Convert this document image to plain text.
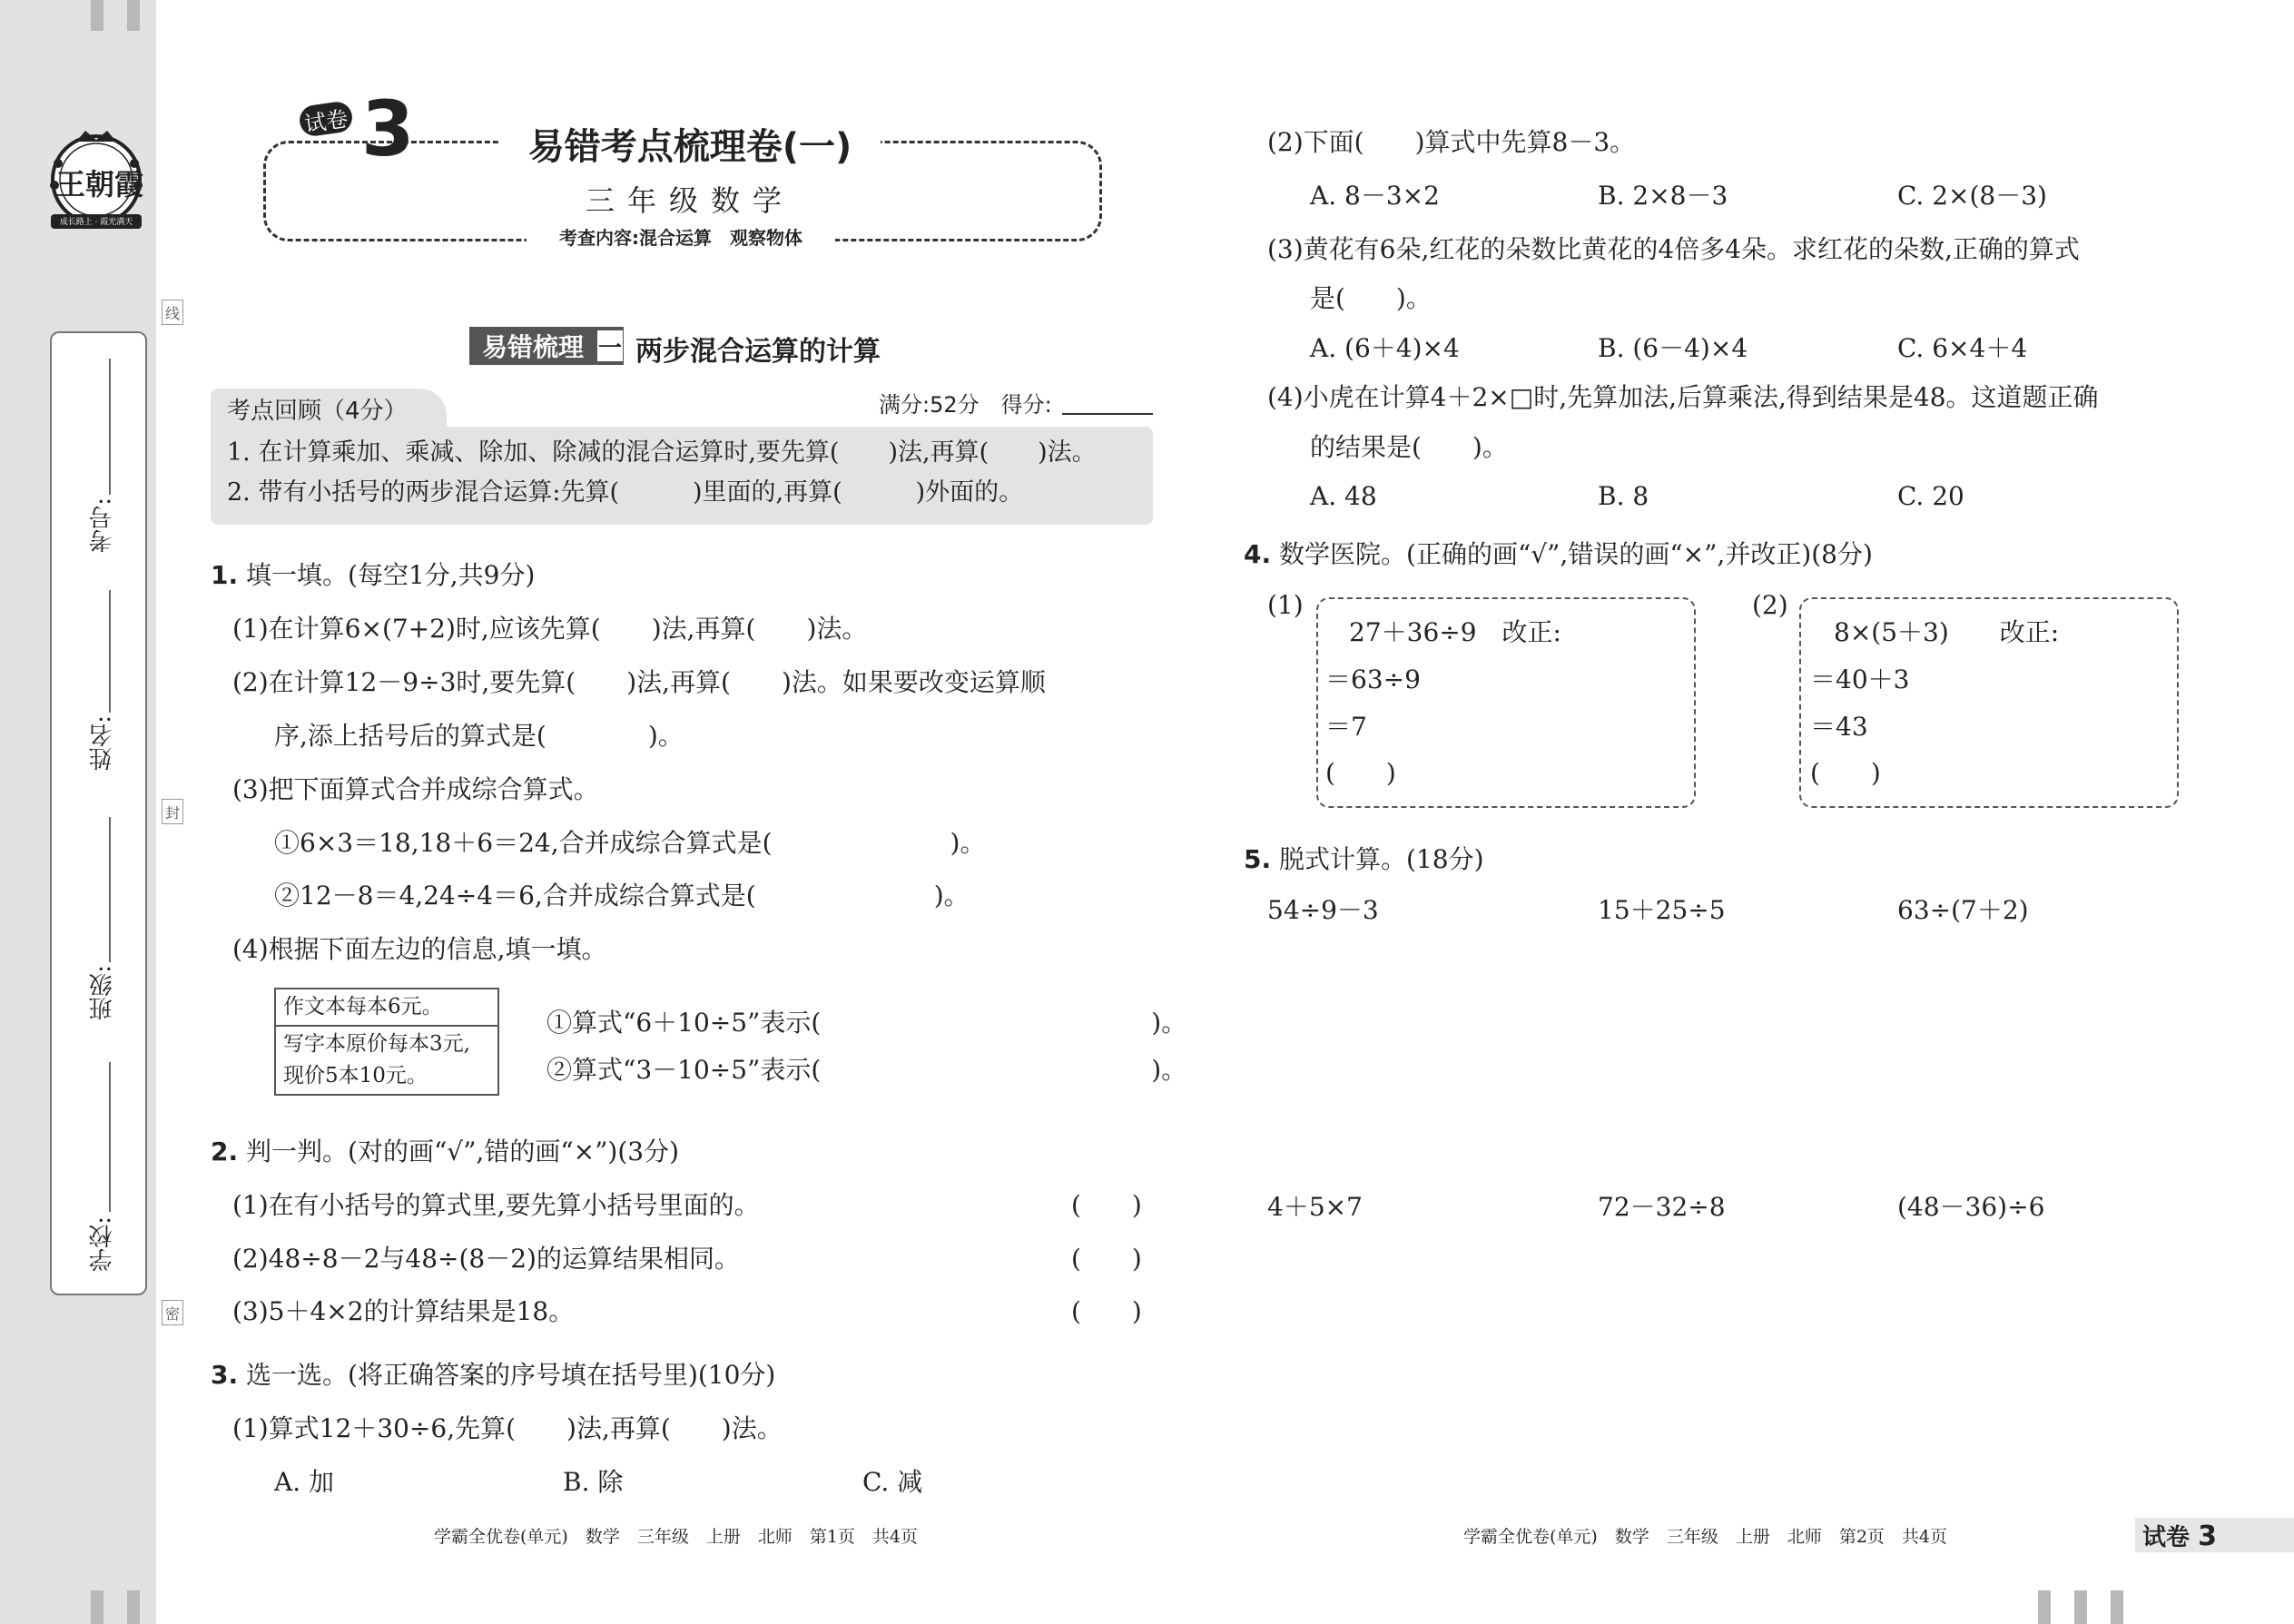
王朝霞
成长路上 · 霞光满天
考号:
姓名:
班级:
学校:
线
封
密
试卷 3	易错考点梳理卷(一)
三年级数学
考查内容:混合运算　观察物体
易错梳理 一 两步混合运算的计算
考点回顾（4分）	满分:52分　得分:
1. 在计算乘加、乘减、除加、除减的混合运算时,要先算(　　)法,再算(　　)法。
2. 带有小括号的两步混合运算:先算(　　　)里面的,再算(　　　)外面的。
1. 填一填。(每空1分,共9分)
(1)在计算6×(7+2)时,应该先算(　　)法,再算(　　)法。
(2)在计算12－9÷3时,要先算(　　)法,再算(　　)法。如果要改变运算顺
序,添上括号后的算式是(　　　　)。
(3)把下面算式合并成综合算式。
①6×3＝18,18＋6＝24,合并成综合算式是(　　　　　　　)。
②12－8＝4,24÷4＝6,合并成综合算式是(　　　　　　　)。
(4)根据下面左边的信息,填一填。
作文本每本6元。
写字本原价每本3元,
现价5本10元。
①算式“6＋10÷5”表示(　　　　　　　　　　　　　)。
②算式“3－10÷5”表示(　　　　　　　　　　　　　)。
2. 判一判。(对的画“√”,错的画“×”)(3分)
(1)在有小括号的算式里,要先算小括号里面的。	(　　)
(2)48÷8－2与48÷(8－2)的运算结果相同。	(　　)
(3)5＋4×2的计算结果是18。	(　　)
3. 选一选。(将正确答案的序号填在括号里)(10分)
(1)算式12＋30÷6,先算(　　)法,再算(　　)法。
A. 加	B. 除	C. 减
(2)下面(　　)算式中先算8－3。
A. 8－3×2	B. 2×8－3	C. 2×(8－3)
(3)黄花有6朵,红花的朵数比黄花的4倍多4朵。求红花的朵数,正确的算式
是(　　)。
A. (6＋4)×4	B. (6－4)×4	C. 6×4＋4
(4)小虎在计算4＋2×□时,先算加法,后算乘法,得到结果是48。这道题正确
的结果是(　　)。
A. 48	B. 8	C. 20
4. 数学医院。(正确的画“√”,错误的画“×”,并改正)(8分)
(1)
27＋36÷9　改正:
＝63÷9
＝7
(　　)
(2)
8×(5＋3)　　改正:
＝40＋3
＝43
(　　)
5. 脱式计算。(18分)
54÷9－3	15＋25÷5	63÷(7＋2)
4＋5×7	72－32÷8	(48－36)÷6
学霸全优卷(单元)　数学　三年级　上册　北师　第1页　共4页	学霸全优卷(单元)　数学　三年级　上册　北师　第2页　共4页	试卷 3
